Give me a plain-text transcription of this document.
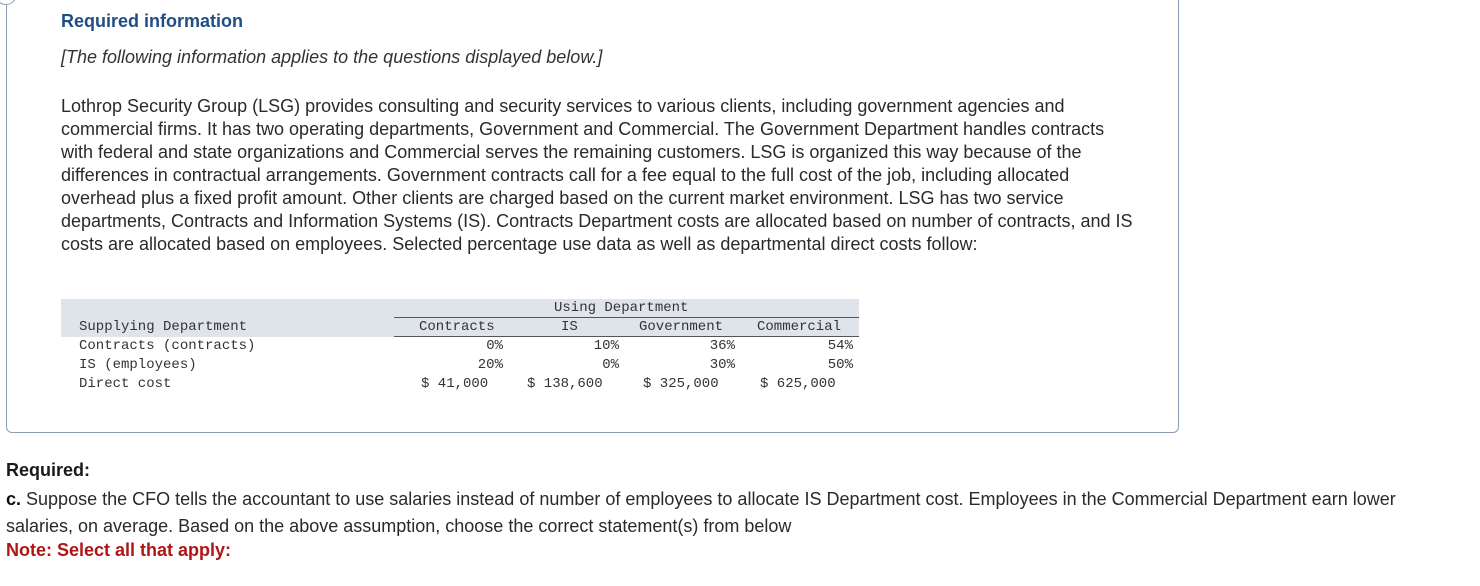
Required information

[The following information applies to the questions displayed below.]

Lothrop Security Group (LSG) provides consulting and security services to various clients, including government agencies and commercial firms. It has two operating departments, Government and Commercial. The Government Department handles contracts with federal and state organizations and Commercial serves the remaining customers. LSG is organized this way because of the differences in contractual arrangements. Government contracts call for a fee equal to the full cost of the job, including allocated overhead plus a fixed profit amount. Other clients are charged based on the current market environment. LSG has two service departments, Contracts and Information Systems (IS). Contracts Department costs are allocated based on number of contracts, and IS costs are allocated based on employees. Selected percentage use data as well as departmental direct costs follow:

Using Department
Supplying Department	Contracts	IS	Government Commercial
Contracts (contracts)	0%	10%	36%	54%
IS (employees)	20%	0%	30%	50%
Direct cost	$ 41,000	$ 138,600	$ 325,000	$ 625,000

Required:

c. Suppose the CFO tells the accountant to use salaries instead of number of employees to allocate IS Department cost. Employees in the Commercial Department earn lower salaries, on average. Based on the above assumption, choose the correct statement(s) from below

Note: Select all that apply:
